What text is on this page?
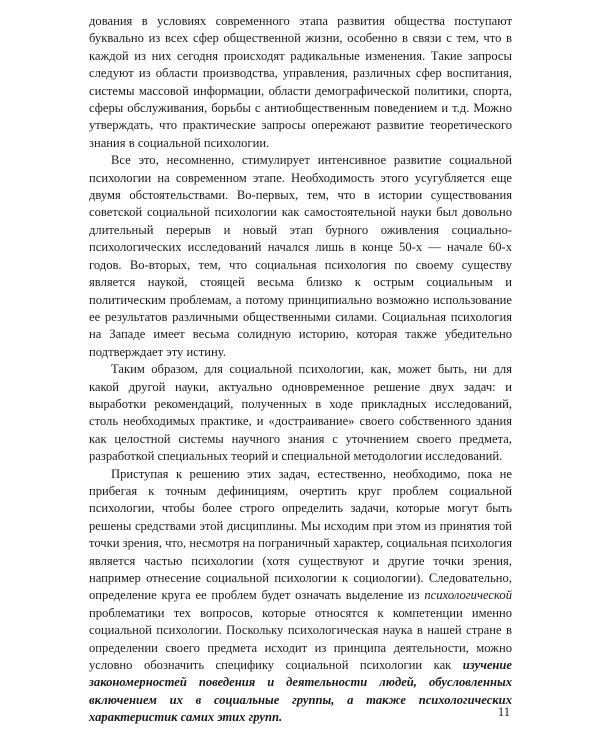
дования в условиях современного этапа развития общества поступают буквально из всех сфер общественной жизни, особенно в связи с тем, что в каждой из них сегодня происходят радикальные изменения. Такие запросы следуют из области производства, управления, различных сфер воспитания, системы массовой информации, области демографической политики, спорта, сферы обслуживания, борьбы с антиобщественным поведением и т.д. Можно утверждать, что практические запросы опережают развитие теоретического знания в социальной психологии.

Все это, несомненно, стимулирует интенсивное развитие социальной психологии на современном этапе. Необходимость этого усугубляется еще двумя обстоятельствами. Во-первых, тем, что в истории существования советской социальной психологии как самостоятельной науки был довольно длительный перерыв и новый этап бурного оживления социально-психологических исследований начался лишь в конце 50-х — начале 60-х годов. Во-вторых, тем, что социальная психология по своему существу является наукой, стоящей весьма близко к острым социальным и политическим проблемам, а потому принципиально возможно использование ее результатов различными общественными силами. Социальная психология на Западе имеет весьма солидную историю, которая также убедительно подтверждает эту истину.

Таким образом, для социальной психологии, как, может быть, ни для какой другой науки, актуально одновременное решение двух задач: и выработки рекомендаций, полученных в ходе прикладных исследований, столь необходимых практике, и «достраивание» своего собственного здания как целостной системы научного знания с уточнением своего предмета, разработкой специальных теорий и специальной методологии исследований.

Приступая к решению этих задач, естественно, необходимо, пока не прибегая к точным дефинициям, очертить круг проблем социальной психологии, чтобы более строго определить задачи, которые могут быть решены средствами этой дисциплины. Мы исходим при этом из принятия той точки зрения, что, несмотря на пограничный характер, социальная психология является частью психологии (хотя существуют и другие точки зрения, например отнесение социальной психологии к социологии). Следовательно, определение круга ее проблем будет означать выделение из психологической проблематики тех вопросов, которые относятся к компетенции именно социальной психологии. Поскольку психологическая наука в нашей стране в определении своего предмета исходит из принципа деятельности, можно условно обозначить специфику социальной психологии как изучение закономерностей поведения и деятельности людей, обусловленных включением их в социальные группы, а также психологических характеристик самих этих групп.	11
